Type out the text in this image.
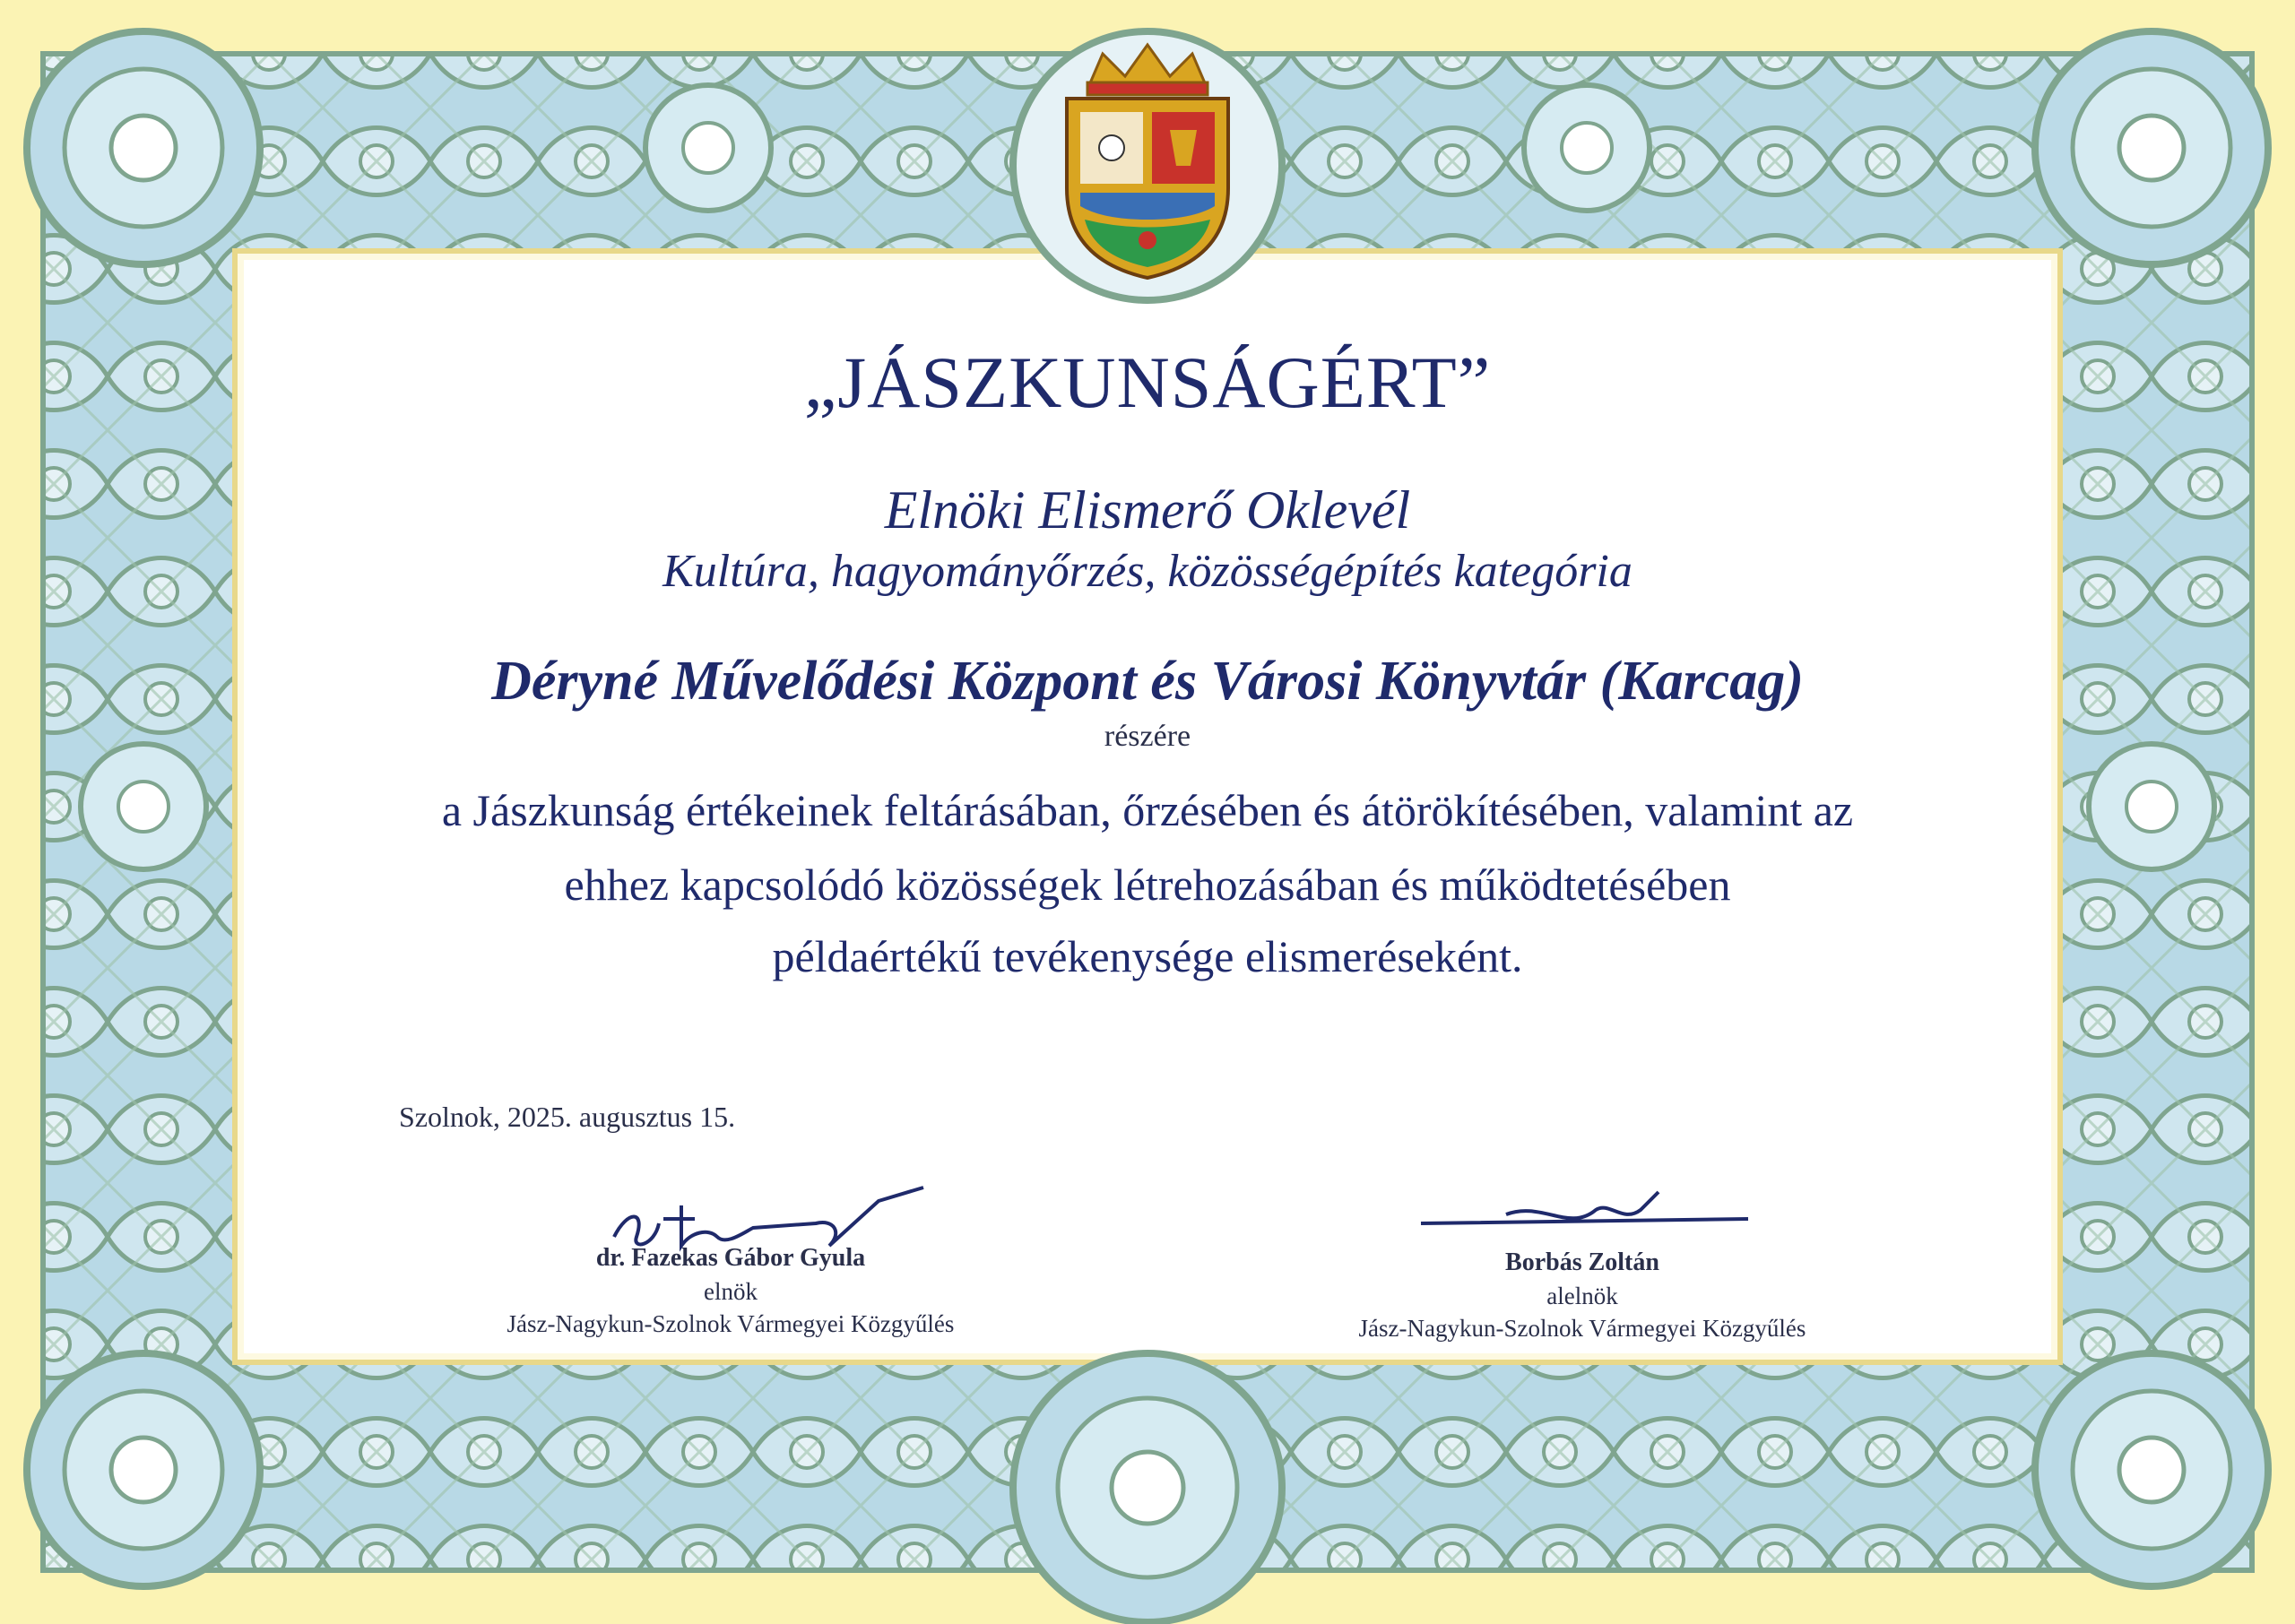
„JÁSZKUNSÁGÉRT”

Elnöki Elismerő Oklevél

Kultúra, hagyományőrzés, közösségépítés kategória

Déryné Művelődési Központ és Városi Könyvtár (Karcag)

részére

a Jászkunság értékeinek feltárásában, őrzésében és átörökítésében, valamint az

ehhez kapcsolódó közösségek létrehozásában és működtetésében

példaértékű tevékenysége elismeréseként.

Szolnok, 2025. augusztus 15.
dr. Fazekas Gábor Gyula
elnök
Jász-Nagykun-Szolnok Vármegyei Közgyűlés
Borbás Zoltán
alelnök
Jász-Nagykun-Szolnok Vármegyei Közgyűlés
